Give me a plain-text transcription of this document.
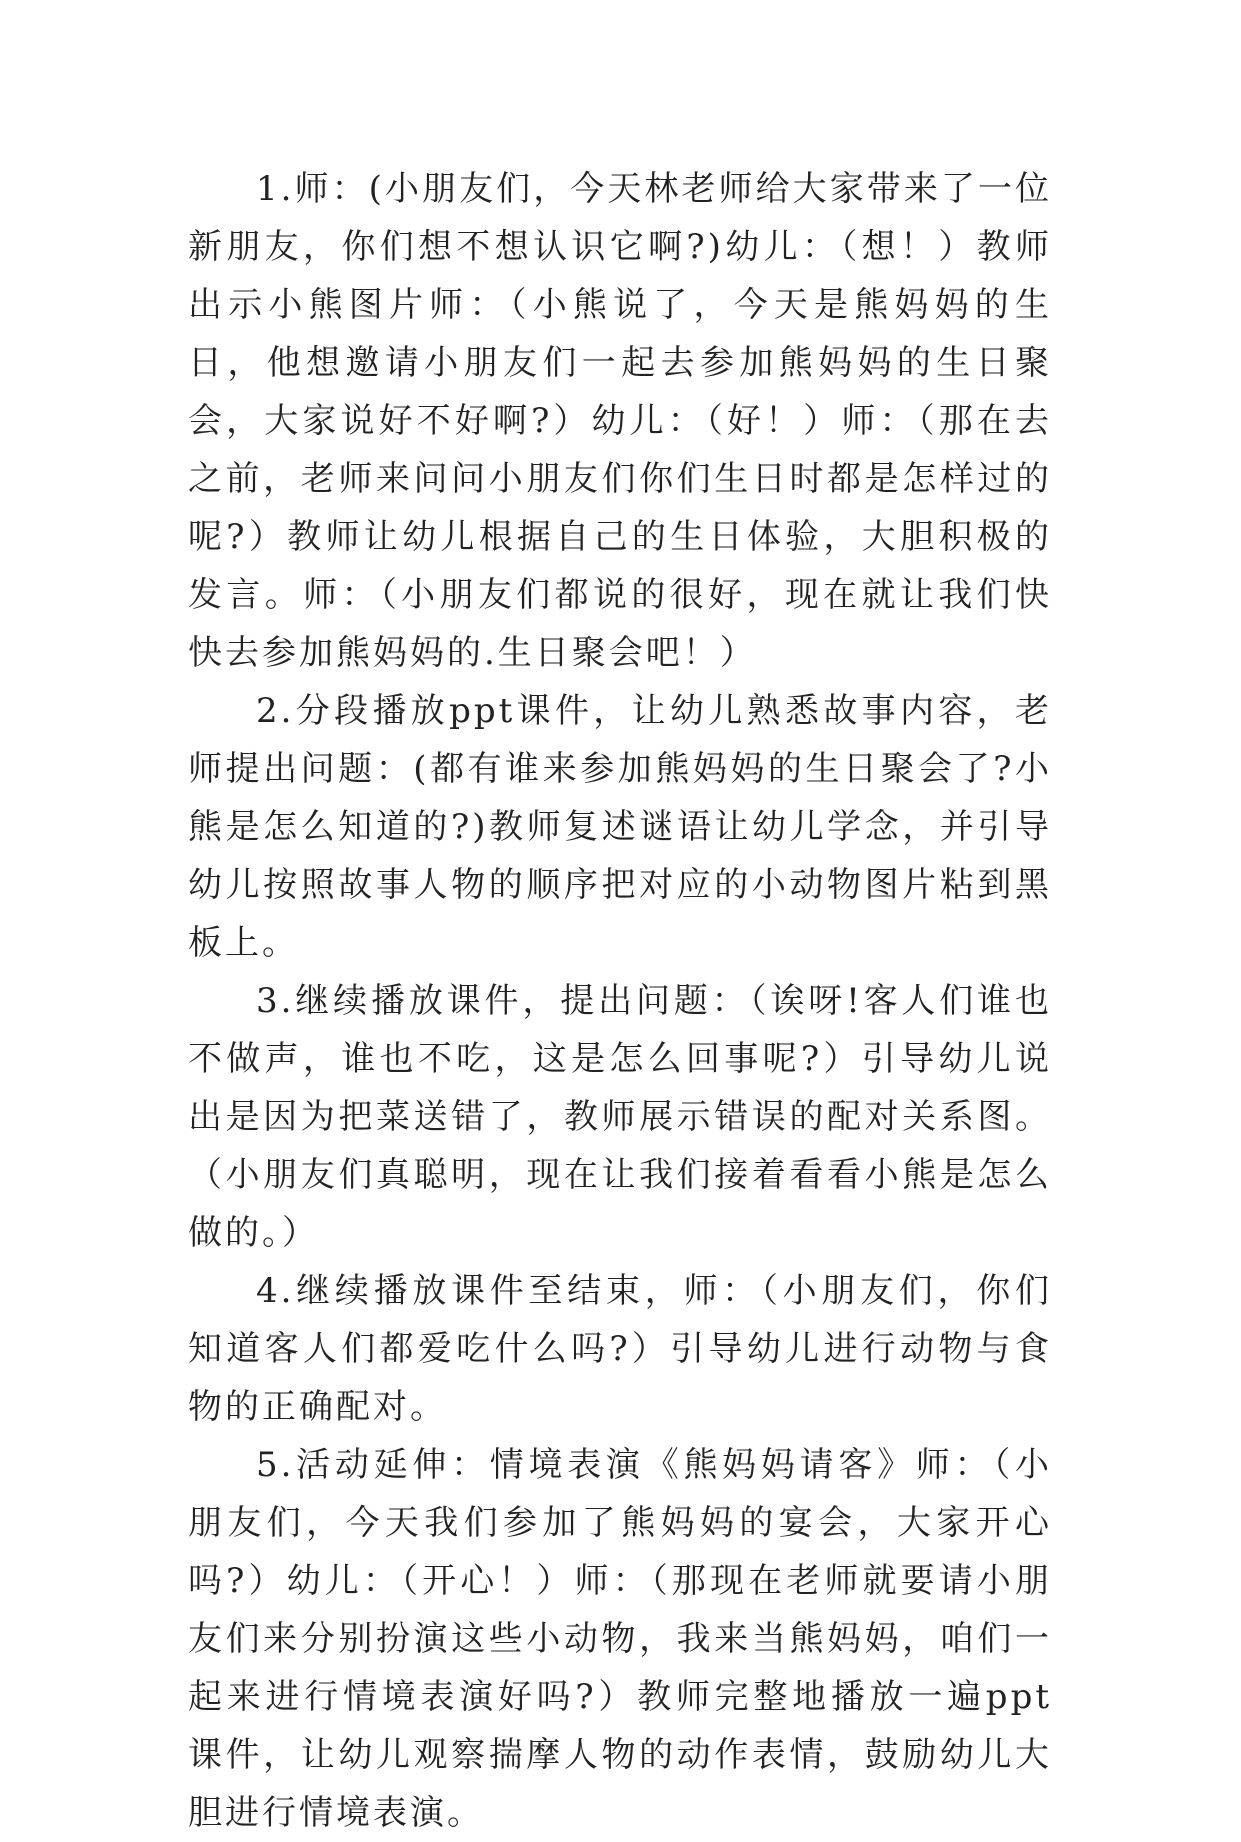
1.师：(小朋友们，今天林老师给大家带来了一位新朋友，你们想不想认识它啊?)幼儿：（想！）教师出示小熊图片师：（小熊说了，今天是熊妈妈的生日，他想邀请小朋友们一起去参加熊妈妈的生日聚会，大家说好不好啊?）幼儿：（好！）师：（那在去之前，老师来问问小朋友们你们生日时都是怎样过的呢?）教师让幼儿根据自己的生日体验，大胆积极的发言。师：（小朋友们都说的很好，现在就让我们快快去参加熊妈妈的.生日聚会吧！）

2.分段播放ppt课件，让幼儿熟悉故事内容，老师提出问题：(都有谁来参加熊妈妈的生日聚会了?小熊是怎么知道的?)教师复述谜语让幼儿学念，并引导幼儿按照故事人物的顺序把对应的小动物图片粘到黑板上。

3.继续播放课件，提出问题：（诶呀!客人们谁也不做声，谁也不吃，这是怎么回事呢?）引导幼儿说出是因为把菜送错了，教师展示错误的配对关系图。（小朋友们真聪明，现在让我们接着看看小熊是怎么做的。）

4.继续播放课件至结束，师：（小朋友们，你们知道客人们都爱吃什么吗?）引导幼儿进行动物与食物的正确配对。

5.活动延伸：情境表演《熊妈妈请客》师：（小朋友们，今天我们参加了熊妈妈的宴会，大家开心吗?）幼儿：（开心！）师：（那现在老师就要请小朋友们来分别扮演这些小动物，我来当熊妈妈，咱们一起来进行情境表演好吗?）教师完整地播放一遍ppt课件，让幼儿观察揣摩人物的动作表情，鼓励幼儿大胆进行情境表演。
